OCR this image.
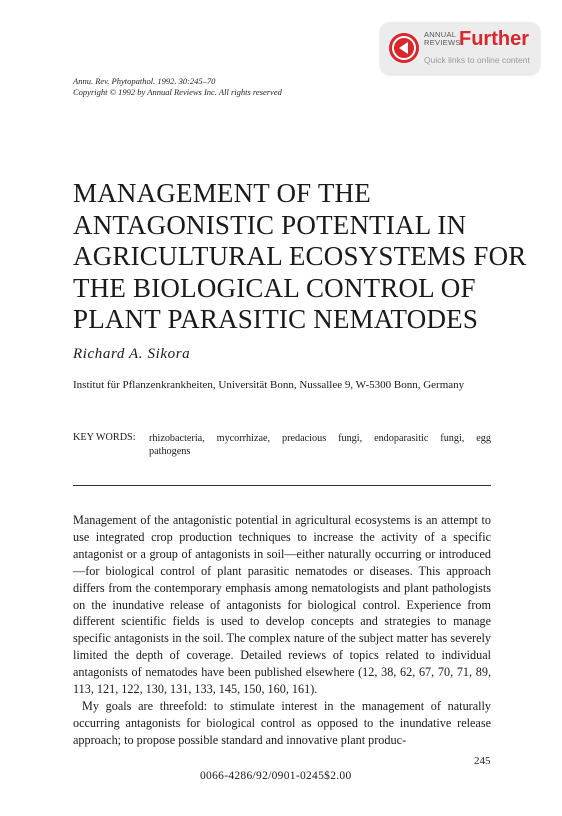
ANNUAL
REVIEWS
Further
Quick links to online content
Annu. Rev. Phytopathol. 1992. 30:245–70
Copyright © 1992 by Annual Reviews Inc. All rights reserved
MANAGEMENT OF THE
ANTAGONISTIC POTENTIAL IN
AGRICULTURAL ECOSYSTEMS FOR
THE BIOLOGICAL CONTROL OF
PLANT PARASITIC NEMATODES
Richard A. Sikora

Institut für Pflanzenkrankheiten, Universität Bonn, Nussallee 9, W-5300 Bonn, Germany

KEY WORDS: rhizobacteria, mycorrhizae, predacious fungi, endoparasitic fungi, egg

pathogens

Management of the antagonistic potential in agricultural ecosystems is an attempt to use integrated crop production techniques to increase the activity of a specific antagonist or a group of antagonists in soil—either naturally occurring or introduced—for biological control of plant parasitic nematodes or diseases. This approach differs from the contemporary emphasis among nematologists and plant pathologists on the inundative release of antagonists for biological control. Experience from different scientific fields is used to develop concepts and strategies to manage specific antagonists in the soil. The complex nature of the subject matter has severely limited the depth of coverage. Detailed reviews of topics related to individual antagonists of nematodes have been published elsewhere (12, 38, 62, 67, 70, 71, 89, 113, 121, 122, 130, 131, 133, 145, 150, 160, 161).

My goals are threefold: to stimulate interest in the management of naturally occurring antagonists for biological control as opposed to the inundative release approach; to propose possible standard and innovative plant produc-

245
0066-4286/92/0901-0245$2.00
